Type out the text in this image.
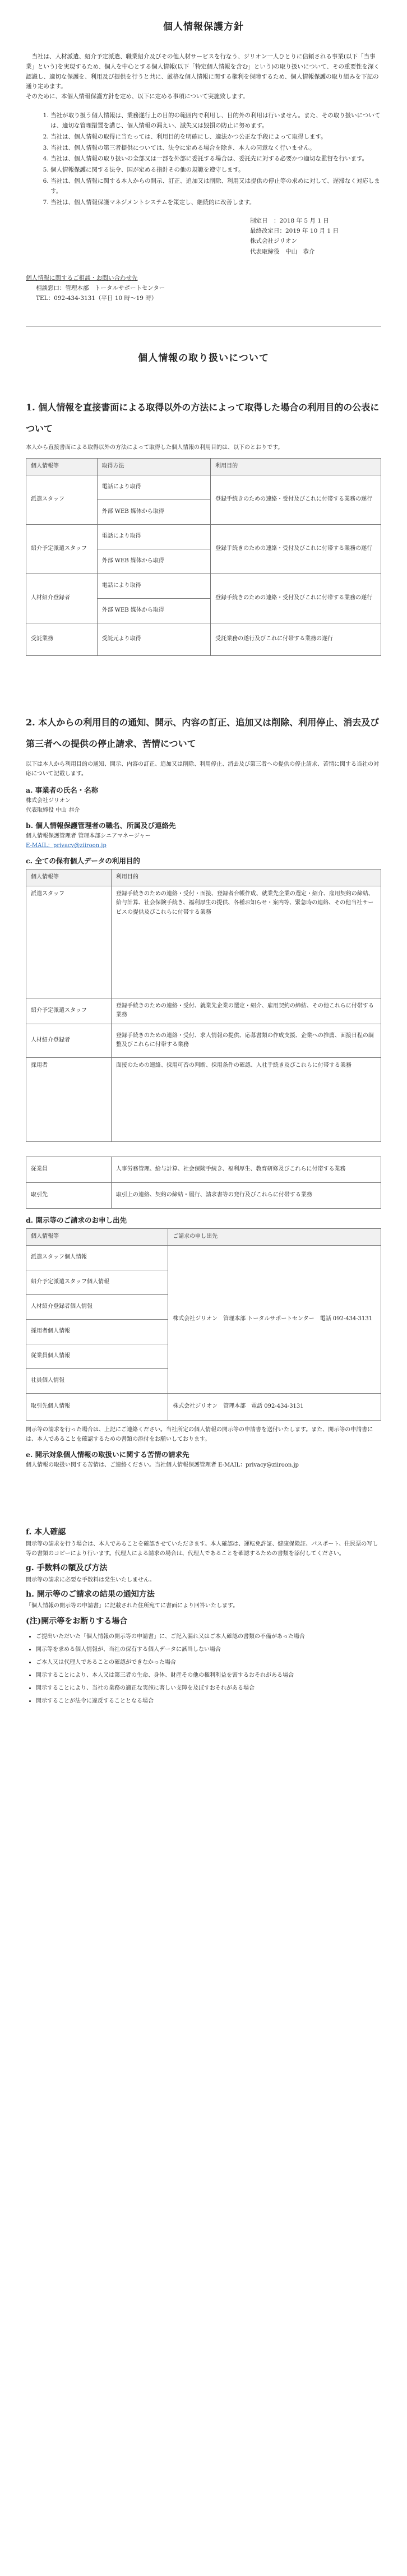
個人情報保護方針

当社は、人材派遣、紹介予定派遣、職業紹介及びその他人材サービスを行なう、ジリオン一人ひとりに信頼される事業(以下「当事業」という)を実現するため、個人を中心とする個人情報(以下「特定個人情報を含む」という)の取り扱いについて、その重要性を深く認識し、適切な保護を、利用及び提供を行うと共に、厳格な個人情報に関する権利を保障するため、個人情報保護の取り組みを下記の通り定めます。

そのために、本個人情報保護方針を定め、以下に定める事項について実施致します。

1. 当社が取り扱う個人情報は、業務遂行上の目的の範囲内で利用し、目的外の利用は行いません。また、その取り扱いについては、適切な管理措置を講じ、個人情報の漏えい、滅失又は毀損の防止に努めます。
2. 当社は、個人情報の取得に当たっては、利用目的を明確にし、適法かつ公正な手段によって取得します。
3. 当社は、個人情報の第三者提供については、法令に定める場合を除き、本人の同意なく行いません。
4. 当社は、個人情報の取り扱いの全部又は一部を外部に委託する場合は、委託先に対する必要かつ適切な監督を行います。
5. 個人情報保護に関する法令、国が定める指針その他の規範を遵守します。
6. 当社は、個人情報に関する本人からの開示、訂正、追加又は削除、利用又は提供の停止等の求めに対して、遅滞なく対応します。
7. 当社は、個人情報保護マネジメントシステムを策定し、継続的に改善します。
制定日　：2018 年 5 月 1 日
最終改定日：2019 年 10 月 1 日
株式会社ジリオン
代表取締役　中山　恭介
個人情報に関するご相談・お問い合わせ先
相談窓口：管理本部　トータルサポートセンター
TEL：092-434-3131（平日 10 時〜19 時）
個人情報の取り扱いについて

1. 個人情報を直接書面による取得以外の方法によって取得した場合の利用目的の公表について

本人から直接書面による取得以外の方法によって取得した個人情報の利用目的は、以下のとおりです。

個人情報等	取得方法	利用目的
派遣スタッフ	電話により取得	登録手続きのための連絡・受付及びこれに付帯する業務の遂行
	外部 WEB 媒体から取得	
紹介予定派遣スタッフ	電話により取得	登録手続きのための連絡・受付及びこれに付帯する業務の遂行
	外部 WEB 媒体から取得	
人材紹介登録者	電話により取得	登録手続きのための連絡・受付及びこれに付帯する業務の遂行
	外部 WEB 媒体から取得	
受託業務	受託元より取得	受託業務の遂行及びこれに付帯する業務の遂行

2. 本人からの利用目的の通知、開示、内容の訂正、追加又は削除、利用停止、消去及び第三者への提供の停止請求、苦情について

以下は本人から利用目的の通知、開示、内容の訂正、追加又は削除、利用停止、消去及び第三者への提供の停止請求、苦情に関する当社の対応について記載します。

a. 事業者の氏名・名称

株式会社ジリオン

代表取締役 中山 恭介

b. 個人情報保護管理者の職名、所属及び連絡先

個人情報保護管理者 管理本部シニアマネージャー

E-MAIL：privacy@ziiroon.jp

c. 全ての保有個人データの利用目的

個人情報等	利用目的
派遣スタッフ	登録手続きのための連絡・受付・面接、登録者台帳作成、就業先企業の選定・紹介、雇用契約の締結、給与計算、社会保険手続き、福利厚生の提供、各種お知らせ・案内等、緊急時の連絡、その他当社サービスの提供及びこれらに付帯する業務
紹介予定派遣スタッフ	登録手続きのための連絡・受付、就業先企業の選定・紹介、雇用契約の締結、その他これらに付帯する業務
人材紹介登録者	登録手続きのための連絡・受付、求人情報の提供、応募書類の作成支援、企業への推薦、面接日程の調整及びこれらに付帯する業務
採用者	面接のための連絡、採用可否の判断、採用条件の確認、入社手続き及びこれらに付帯する業務
従業員	人事労務管理、給与計算、社会保険手続き、福利厚生、教育研修及びこれらに付帯する業務
取引先	取引上の連絡、契約の締結・履行、請求書等の発行及びこれらに付帯する業務

d. 開示等のご請求のお申し出先

個人情報等	ご請求の申し出先
派遣スタッフ個人情報	株式会社ジリオン　管理本部 トータルサポートセンター　電話 092-434-3131
紹介予定派遣スタッフ個人情報	
人材紹介登録者個人情報	
採用者個人情報	
従業員個人情報	
社員個人情報	
取引先個人情報	株式会社ジリオン　管理本部　電話 092-434-3131

開示等の請求を行った場合は、上記にご連絡ください。当社所定の個人情報の開示等の申請書を送付いたします。また、開示等の申請書には、本人であることを確認するための書類の添付をお願いしております。

e. 開示対象個人情報の取扱いに関する苦情の請求先

個人情報の取扱い関する苦情は、ご連絡ください。当社個人情報保護管理者 E-MAIL：privacy@ziiroon.jp

f. 本人確認

開示等の請求を行う場合は、本人であることを確認させていただきます。本人確認は、運転免許証、健康保険証、パスポート、住民票の写し等の書類のコピーにより行います。代理人による請求の場合は、代理人であることを確認するための書類を添付してください。

g. 手数料の額及び方法

開示等の請求に必要な手数料は発生いたしません。

h. 開示等のご請求の結果の通知方法

「個人情報の開示等の申請書」に記載された住所宛てに書面により回答いたします。

(注)開示等をお断りする場合

• ご提出いただいた「個人情報の開示等の申請書」に、ご記入漏れ又はご本人確認の書類の不備があった場合
• 開示等を求める個人情報が、当社の保有する個人データに該当しない場合
• ご本人又は代理人であることの確認ができなかった場合
• 開示することにより、本人又は第三者の生命、身体、財産その他の権利利益を害するおそれがある場合
• 開示することにより、当社の業務の適正な実施に著しい支障を及ぼすおそれがある場合
• 開示することが法令に違反することとなる場合
